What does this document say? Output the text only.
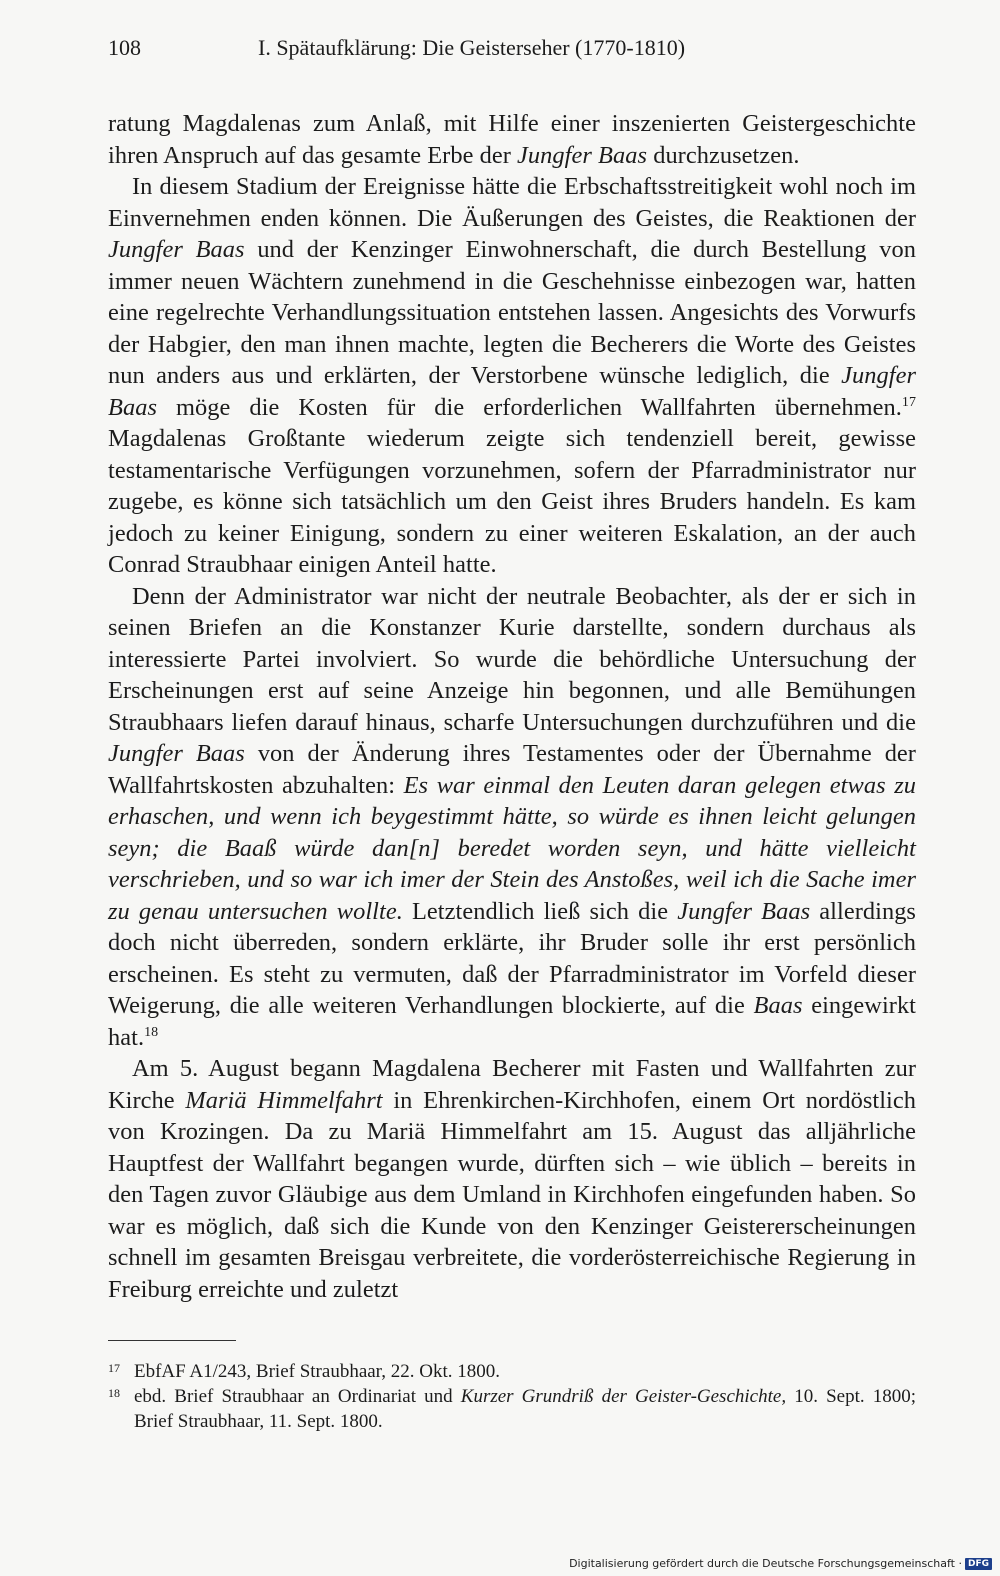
108	I. Spätaufklärung: Die Geisterseher (1770-1810)

ratung Magdalenas zum Anlaß, mit Hilfe einer inszenierten Geistergeschichte ihren Anspruch auf das gesamte Erbe der Jungfer Baas durchzusetzen.

In diesem Stadium der Ereignisse hätte die Erbschaftsstreitigkeit wohl noch im Einvernehmen enden können. Die Äußerungen des Geistes, die Reaktionen der Jungfer Baas und der Kenzinger Einwohnerschaft, die durch Bestellung von immer neuen Wächtern zunehmend in die Geschehnisse einbezogen war, hatten eine regelrechte Verhandlungssituation entstehen lassen. Angesichts des Vorwurfs der Habgier, den man ihnen machte, legten die Becherers die Worte des Geistes nun anders aus und erklärten, der Verstorbene wünsche lediglich, die Jungfer Baas möge die Kosten für die erforderlichen Wallfahrten übernehmen.$^{17}$ Magdalenas Großtante wiederum zeigte sich tendenziell bereit, gewisse testamentarische Verfügungen vorzunehmen, sofern der Pfarradministrator nur zugebe, es könne sich tatsächlich um den Geist ihres Bruders handeln. Es kam jedoch zu keiner Einigung, sondern zu einer weiteren Eskalation, an der auch Conrad Straubhaar einigen Anteil hatte.

Denn der Administrator war nicht der neutrale Beobachter, als der er sich in seinen Briefen an die Konstanzer Kurie darstellte, sondern durchaus als interessierte Partei involviert. So wurde die behördliche Untersuchung der Erscheinungen erst auf seine Anzeige hin begonnen, und alle Bemühungen Straubhaars liefen darauf hinaus, scharfe Untersuchungen durchzuführen und die Jungfer Baas von der Änderung ihres Testamentes oder der Übernahme der Wallfahrtskosten abzuhalten: Es war einmal den Leuten daran gelegen etwas zu erhaschen, und wenn ich beygestimmt hätte, so würde es ihnen leicht gelungen seyn; die Baaß würde dan[n] beredet worden seyn, und hätte vielleicht verschrieben, und so war ich imer der Stein des Anstoßes, weil ich die Sache imer zu genau untersuchen wollte. Letztendlich ließ sich die Jungfer Baas allerdings doch nicht überreden, sondern erklärte, ihr Bruder solle ihr erst persönlich erscheinen. Es steht zu vermuten, daß der Pfarradministrator im Vorfeld dieser Weigerung, die alle weiteren Verhandlungen blockierte, auf die Baas eingewirkt hat.$^{18}$

Am 5. August begann Magdalena Becherer mit Fasten und Wallfahrten zur Kirche Mariä Himmelfahrt in Ehrenkirchen-Kirchhofen, einem Ort nordöstlich von Krozingen. Da zu Mariä Himmelfahrt am 15. August das alljährliche Hauptfest der Wallfahrt begangen wurde, dürften sich – wie üblich – bereits in den Tagen zuvor Gläubige aus dem Umland in Kirchhofen eingefunden haben. So war es möglich, daß sich die Kunde von den Kenzinger Geistererscheinungen schnell im gesamten Breisgau verbreitete, die vorderösterreichische Regierung in Freiburg erreichte und zuletzt

17 EbfAF A1/243, Brief Straubhaar, 22. Okt. 1800.
18 ebd. Brief Straubhaar an Ordinariat und Kurzer Grundriß der Geister-Geschichte, 10. Sept. 1800; Brief Straubhaar, 11. Sept. 1800.
Digitalisierung gefördert durch die Deutsche Forschungsgemeinschaft · DFG
